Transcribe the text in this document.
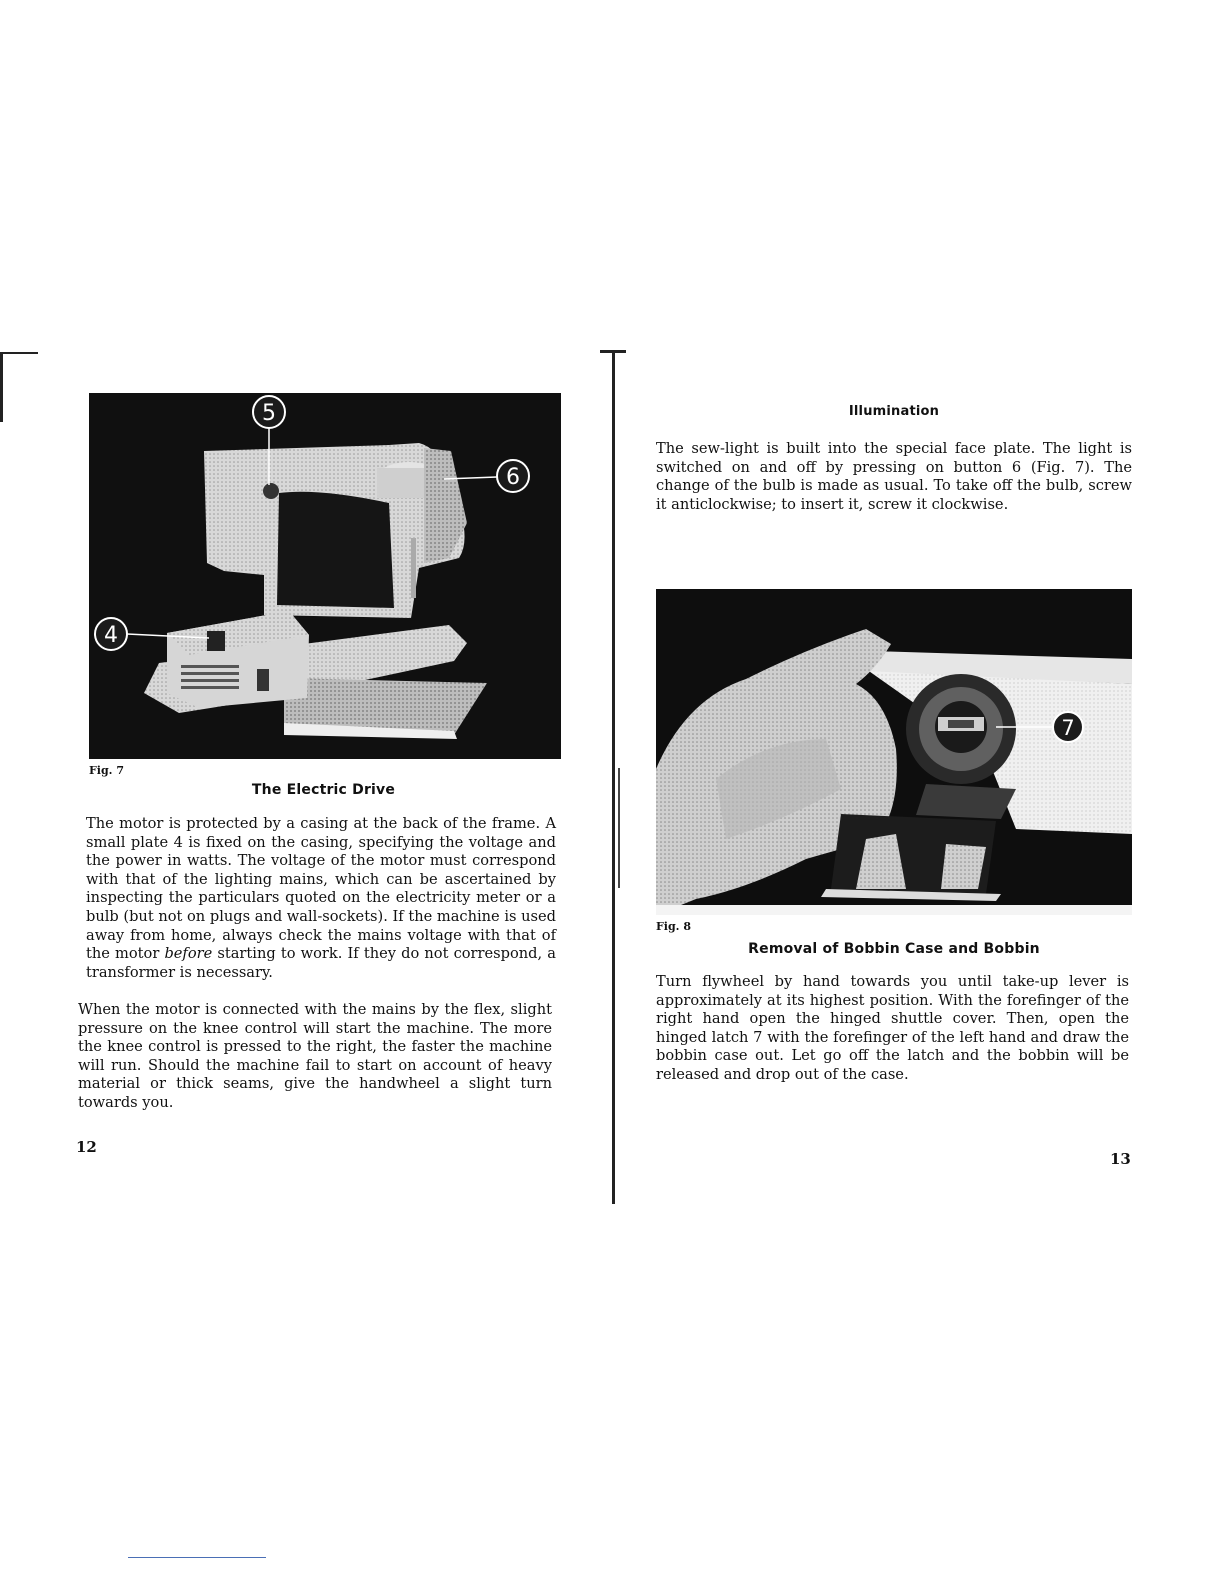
5
6
4
Fig. 7
The Electric Drive

The motor is protected by a casing at the back of the frame. A small plate 4 is fixed on the casing, specifying the voltage and the power in watts. The voltage of the motor must correspond with that of the lighting mains, which can be ascertained by inspecting the particulars quoted on the electricity meter or a bulb (but not on plugs and wall-sockets). If the machine is used away from home, always check the mains voltage with that of the motor before starting to work. If they do not correspond, a transformer is necessary.

When the motor is connected with the mains by the flex, slight pressure on the knee control will start the machine. The more the knee control is pressed to the right, the faster the machine will run. Should the machine fail to start on account of heavy material or thick seams, give the handwheel a slight turn towards you.

12
Illumination

The sew-light is built into the special face plate. The light is switched on and off by pressing on button 6 (Fig. 7). The change of the bulb is made as usual. To take off the bulb, screw it anticlockwise; to insert it, screw it clockwise.

7
Fig. 8
Removal of Bobbin Case and Bobbin

Turn flywheel by hand towards you until take-up lever is approximately at its highest position. With the forefinger of the right hand open the hinged shuttle cover. Then, open the hinged latch 7 with the forefinger of the left hand and draw the bobbin case out. Let go off the latch and the bobbin will be released and drop out of the case.

13
